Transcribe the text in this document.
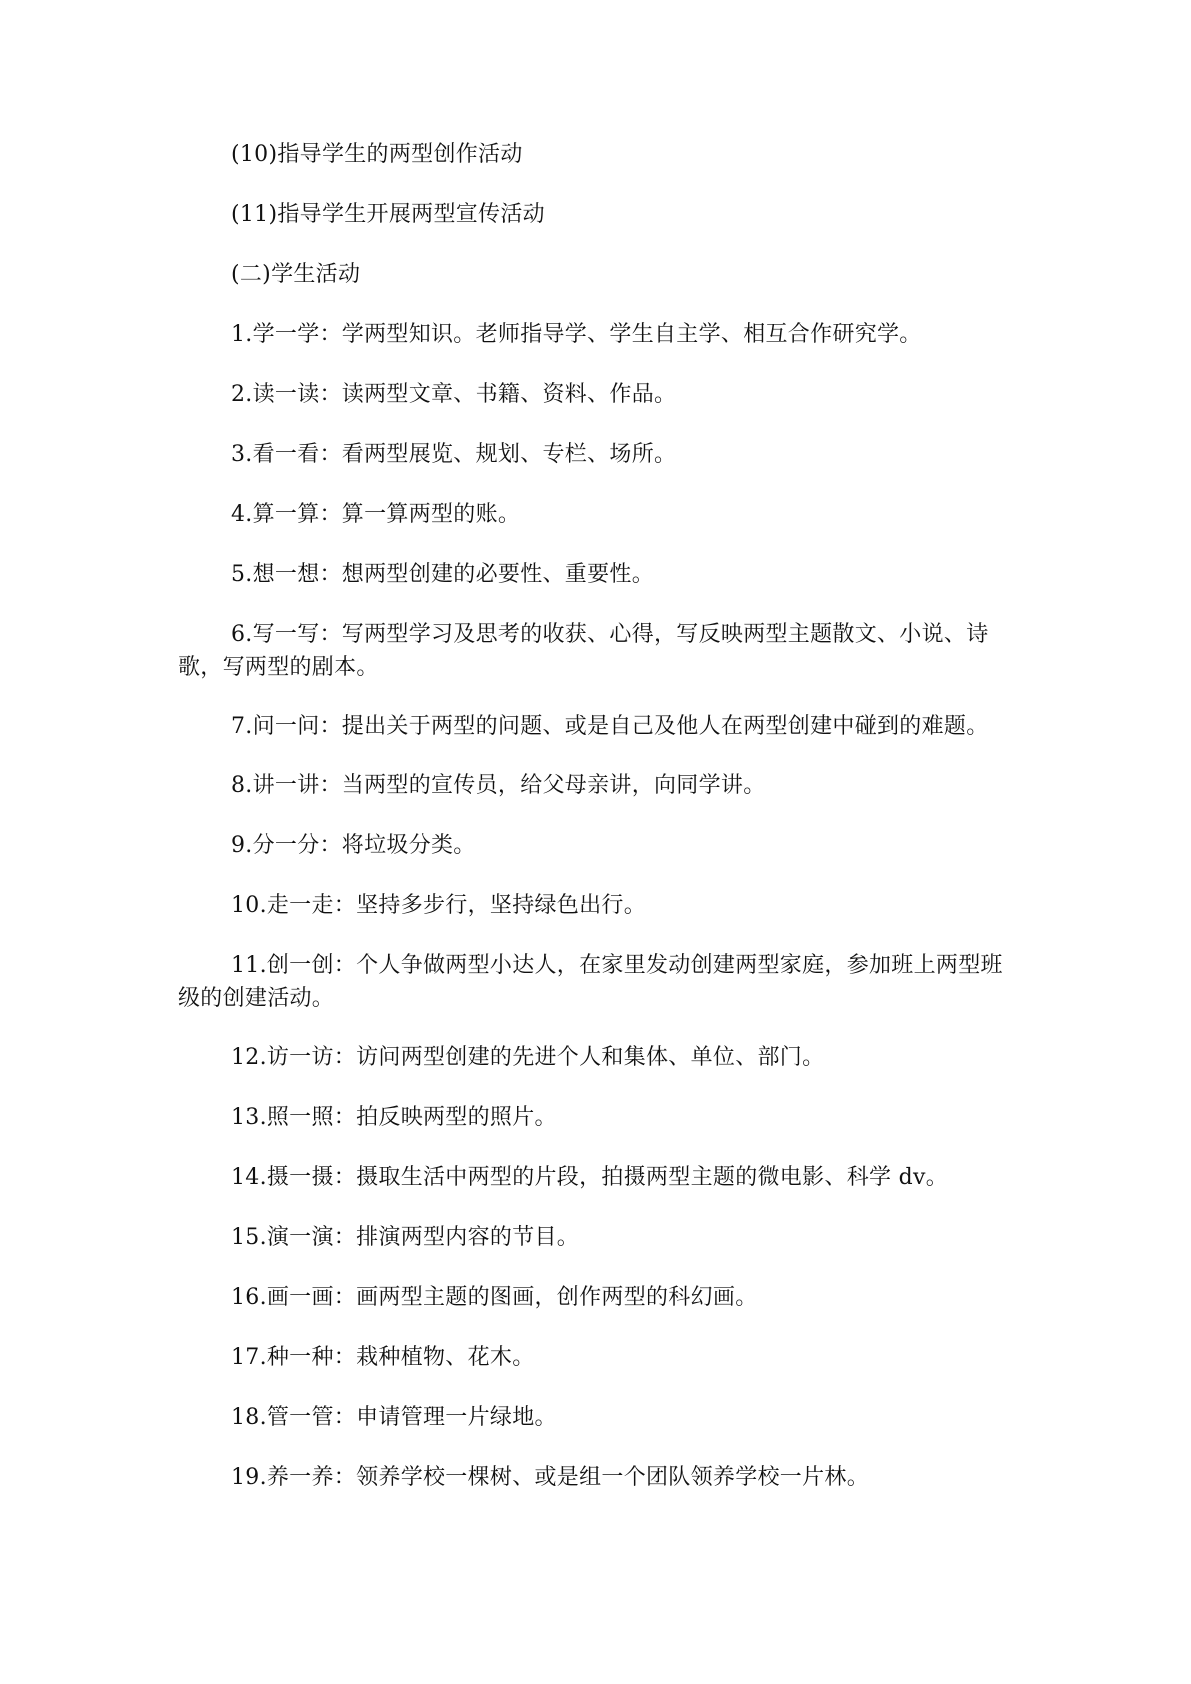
(10)指导学生的两型创作活动

(11)指导学生开展两型宣传活动

(二)学生活动

1.学一学：学两型知识。老师指导学、学生自主学、相互合作研究学。

2.读一读：读两型文章、书籍、资料、作品。

3.看一看：看两型展览、规划、专栏、场所。

4.算一算：算一算两型的账。

5.想一想：想两型创建的必要性、重要性。

6.写一写：写两型学习及思考的收获、心得，写反映两型主题散文、小说、诗歌，写两型的剧本。

7.问一问：提出关于两型的问题、或是自己及他人在两型创建中碰到的难题。

8.讲一讲：当两型的宣传员，给父母亲讲，向同学讲。

9.分一分：将垃圾分类。

10.走一走：坚持多步行，坚持绿色出行。

11.创一创：个人争做两型小达人，在家里发动创建两型家庭，参加班上两型班级的创建活动。

12.访一访：访问两型创建的先进个人和集体、单位、部门。

13.照一照：拍反映两型的照片。

14.摄一摄：摄取生活中两型的片段，拍摄两型主题的微电影、科学 dv。

15.演一演：排演两型内容的节目。

16.画一画：画两型主题的图画，创作两型的科幻画。

17.种一种：栽种植物、花木。

18.管一管：申请管理一片绿地。

19.养一养：领养学校一棵树、或是组一个团队领养学校一片林。
